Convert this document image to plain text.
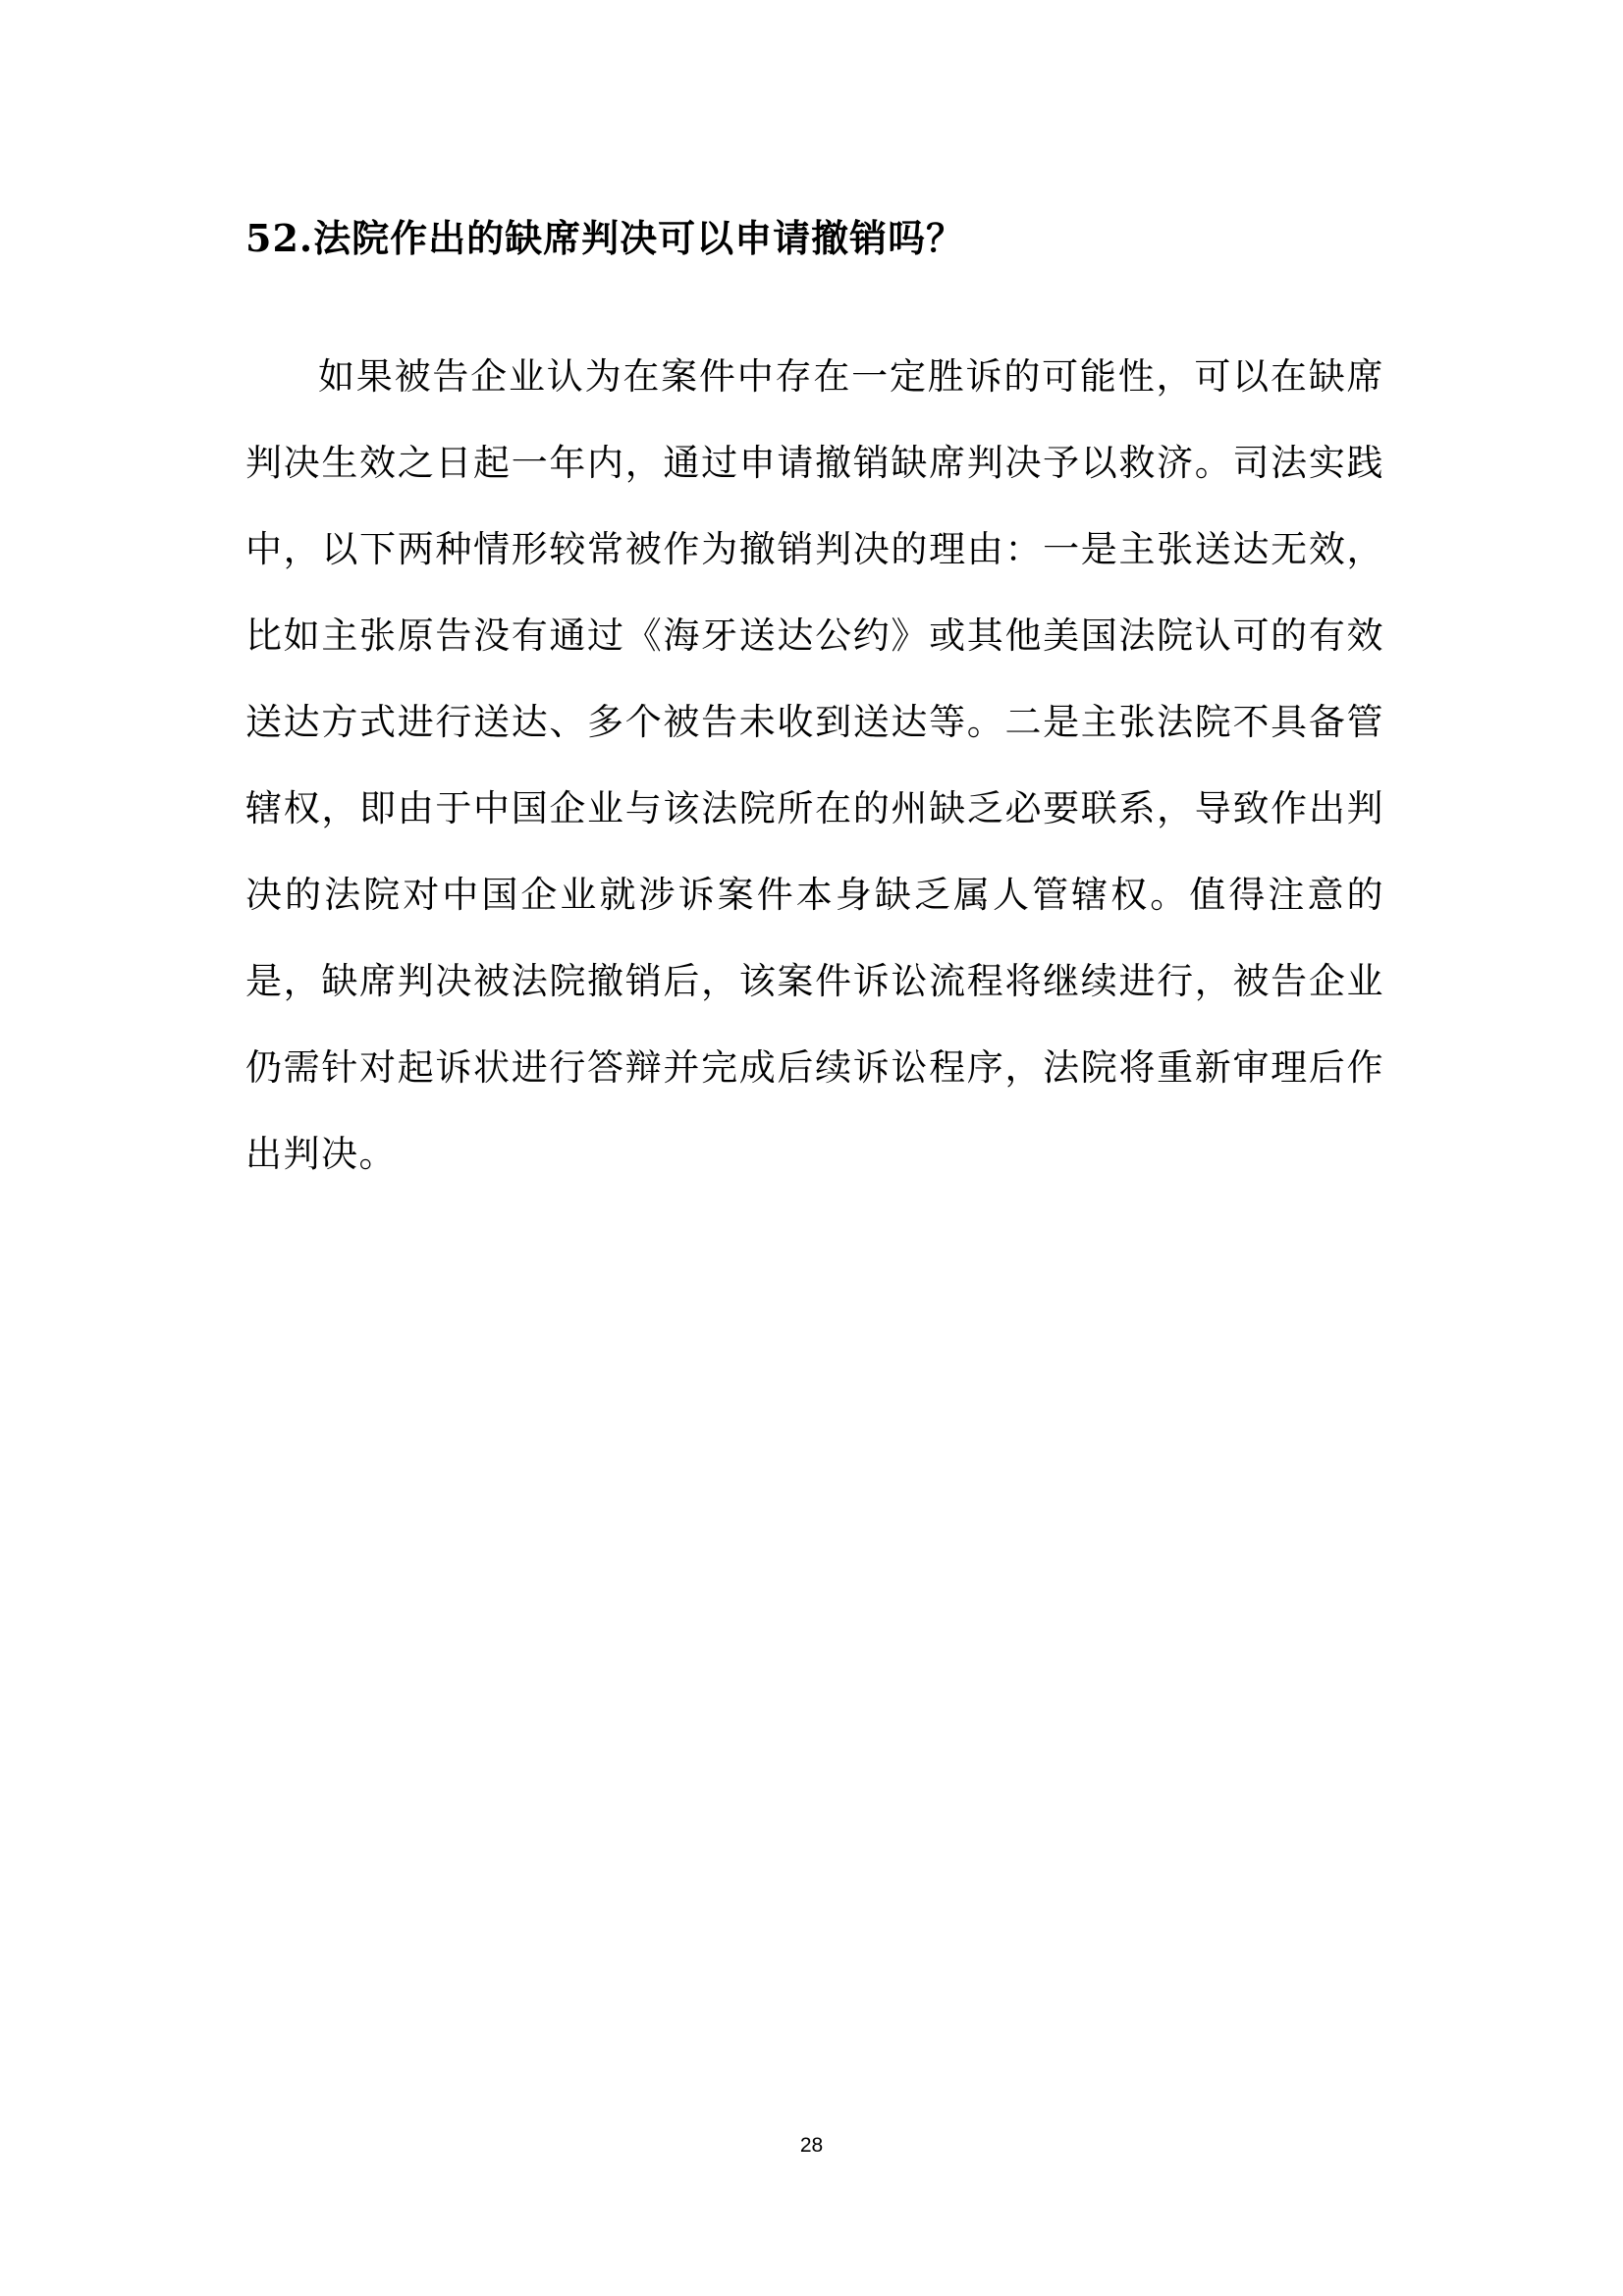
52.法院作出的缺席判决可以申请撤销吗？

如果被告企业认为在案件中存在一定胜诉的可能性，可以在缺席判决生效之日起一年内，通过申请撤销缺席判决予以救济。司法实践中，以下两种情形较常被作为撤销判决的理由：一是主张送达无效，比如主张原告没有通过《海牙送达公约》或其他美国法院认可的有效送达方式进行送达、多个被告未收到送达等。二是主张法院不具备管辖权，即由于中国企业与该法院所在的州缺乏必要联系，导致作出判决的法院对中国企业就涉诉案件本身缺乏属人管辖权。值得注意的是，缺席判决被法院撤销后，该案件诉讼流程将继续进行，被告企业仍需针对起诉状进行答辩并完成后续诉讼程序，法院将重新审理后作出判决。

28
